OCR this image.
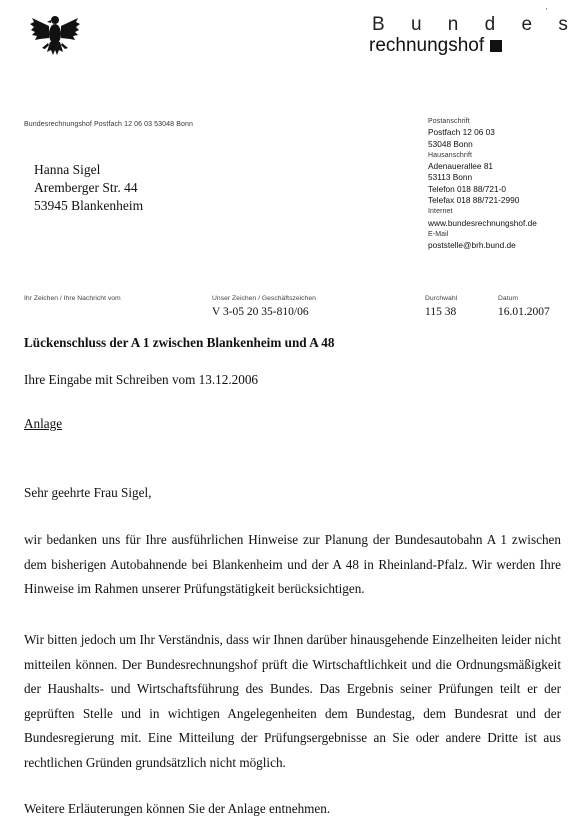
B u n d e s
rechnungshof
'
Bundesrechnungshof Postfach 12 06 03 53048 Bonn
Hanna Sigel
Aremberger Str. 44
53945 Blankenheim
Postanschrift
Postfach 12 06 03
53048 Bonn
Hausanschrift
Adenauerallee 81
53113 Bonn
Telefon 018 88/721-0
Telefax 018 88/721-2990
Internet
www.bundesrechnungshof.de
E-Mail
poststelle@brh.bund.de
Ihr Zeichen / Ihre Nachricht vom	Unser Zeichen / Geschäftszeichen
V 3-05 20 35-810/06
Durchwahl
115 38
Datum
16.01.2007
Lückenschluss der A 1 zwischen Blankenheim und A 48
Ihre Eingabe mit Schreiben vom 13.12.2006
Anlage
Sehr geehrte Frau Sigel,
wir bedanken uns für Ihre ausführlichen Hinweise zur Planung der Bundesautobahn A 1 zwischen dem bisherigen Autobahnende bei Blankenheim und der A 48 in Rheinland-Pfalz. Wir werden Ihre Hinweise im Rahmen unserer Prüfungstätigkeit berücksichtigen.
Wir bitten jedoch um Ihr Verständnis, dass wir Ihnen darüber hinausgehende Einzelheiten leider nicht mitteilen können. Der Bundesrechnungshof prüft die Wirtschaftlichkeit und die Ordnungsmäßigkeit der Haushalts- und Wirtschaftsführung des Bundes. Das Ergebnis seiner Prüfungen teilt er der geprüften Stelle und in wichtigen Angelegenheiten dem Bundestag, dem Bundesrat und der Bundesregierung mit. Eine Mitteilung der Prüfungsergebnisse an Sie oder andere Dritte ist aus rechtlichen Gründen grundsätzlich nicht möglich.
Weitere Erläuterungen können Sie der Anlage entnehmen.
